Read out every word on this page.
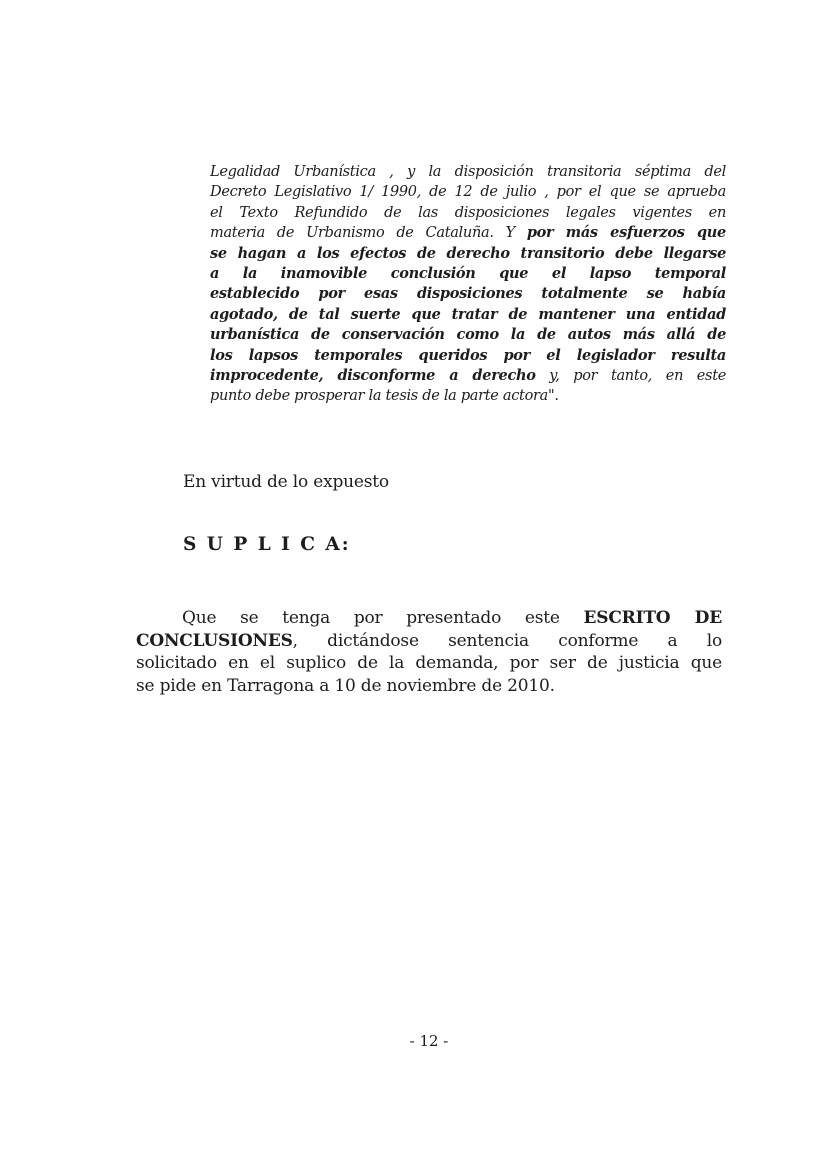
Legalidad Urbanística , y la disposición transitoria séptima del
Decreto Legislativo 1/ 1990, de 12 de julio , por el que se aprueba
el Texto Refundido de las disposiciones legales vigentes en
materia de Urbanismo de Cataluña. Y por más esfuerzos que
se hagan a los efectos de derecho transitorio debe llegarse
a la inamovible conclusión que el lapso temporal
establecido por esas disposiciones totalmente se había
agotado, de tal suerte que tratar de mantener una entidad
urbanística de conservación como la de autos más allá de
los lapsos temporales queridos por el legislador resulta
improcedente, disconforme a derecho y, por tanto, en este
punto debe prosperar la tesis de la parte actora".
En virtud de lo expuesto
S U P L I C A:
Que se tenga por presentado este ESCRITO DE
CONCLUSIONES, dictándose sentencia conforme a lo
solicitado en el suplico de la demanda, por ser de justicia que
se pide en Tarragona a 10 de noviembre de 2010.
- 12 -
